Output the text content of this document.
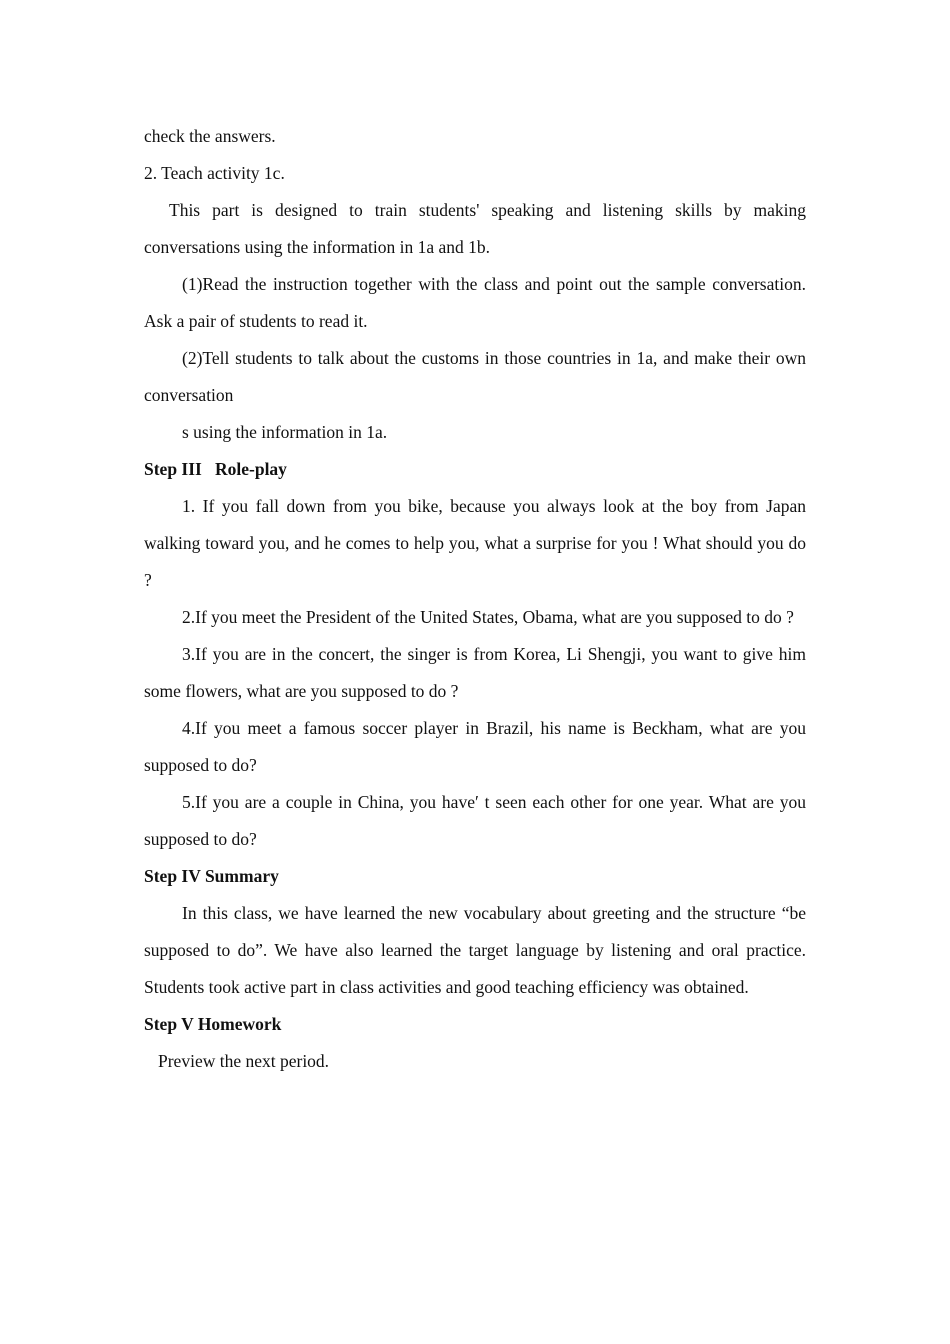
check the answers.

2. Teach activity 1c.

This part is designed to train students' speaking and listening skills by making conversations using the information in 1a and 1b.

(1)Read the instruction together with the class and point out the sample conversation. Ask a pair of students to read it.

(2)Tell students to talk about the customs in those countries in 1a, and make their own conversation

s using the information in 1a.

Step III   Role-play

1. If you fall down from you bike, because you always look at the boy from Japan walking toward you, and he comes to help you, what a surprise for you ! What should you do ?

2.If you meet the President of the United States, Obama, what are you supposed to do ?

3.If you are in the concert, the singer is from Korea, Li Shengji, you want to give him some flowers, what are you supposed to do ?

4.If you meet a famous soccer player in Brazil, his name is Beckham, what are you supposed to do?

5.If you are a couple in China, you have′ t seen each other for one year. What are you supposed to do?

Step IV Summary

In this class, we have learned the new vocabulary about greeting and the structure “be supposed to do”. We have also learned the target language by listening and oral practice. Students took active part in class activities and good teaching efficiency was obtained.

Step V Homework

Preview the next period.
